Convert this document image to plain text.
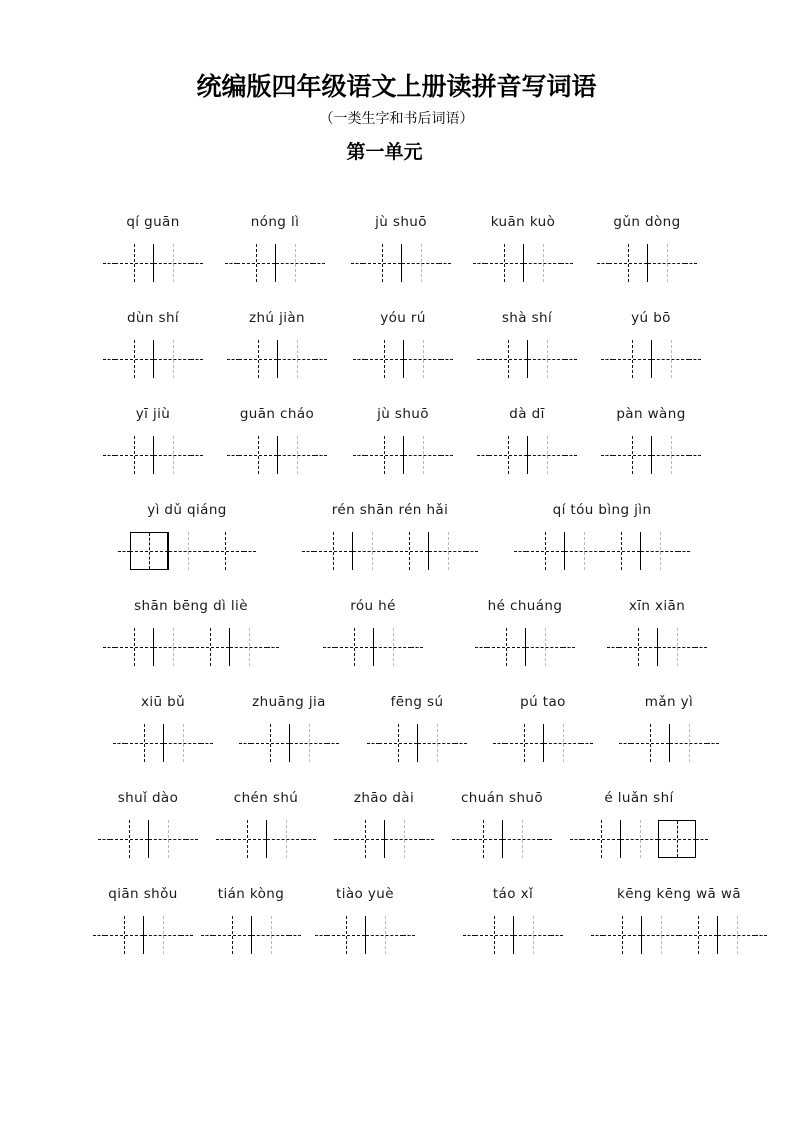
统编版四年级语文上册读拼音写词语
（一类生字和书后词语）
第一单元
qí guān	nóng lì	jù shuō	kuān kuò	gǔn dòng
dùn shí	zhú jiàn	yóu rú	shà shí	yú bō
yī jiù	guān cháo	jù shuō	dà dī	pàn wàng
yì dǔ qiáng	rén shān rén hǎi	qí tóu bìng jìn
shān bēng dì liè	róu hé	hé chuáng	xīn xiān
xiū bǔ	zhuāng jia	fēng sú	pú tao	mǎn yì
shuǐ dào	chén shú	zhāo dài	chuán shuō	é luǎn shí
qiān shǒu	tián kòng	tiào yuè	táo xǐ	kēng kēng wā wā
